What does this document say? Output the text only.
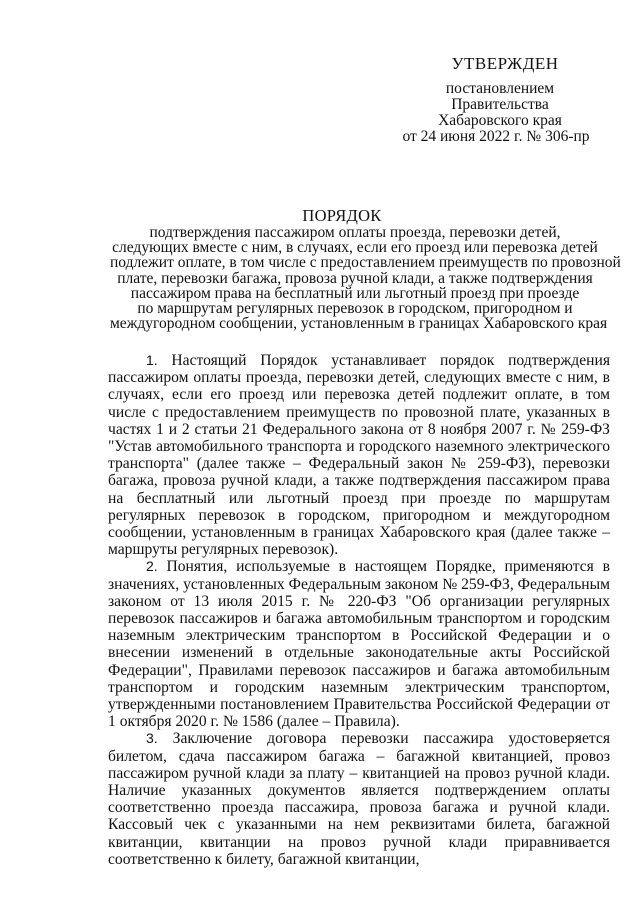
УТВЕРЖДЕН
постановлением
Правительства
Хабаровского края
от 24 июня 2022 г. № 306-пр
ПОРЯДОК
подтверждения пассажиром оплаты проезда, перевозки детей,
следующих вместе с ним, в случаях, если его проезд или перевозка детей
подлежит оплате, в том числе с предоставлением преимуществ по провозной
плате, перевозки багажа, провоза ручной клади, а также подтверждения
пассажиром права на бесплатный или льготный проезд при проезде
по маршрутам регулярных перевозок в городском, пригородном и
междугородном сообщении, установленным в границах Хабаровского края

1. Настоящий Порядок устанавливает порядок подтверждения пассажиром оплаты проезда, перевозки детей, следующих вместе с ним, в случаях, если его проезд или перевозка детей подлежит оплате, в том числе с предоставлением преимуществ по провозной плате, указанных в частях 1 и 2 статьи 21 Федерального закона от 8 ноября 2007 г. № 259-ФЗ "Устав автомобильного транспорта и городского наземного электрического транспорта" (далее также – Федеральный закон № 259-ФЗ), перевозки багажа, провоза ручной клади, а также подтверждения пассажиром права на бесплатный или льготный проезд при проезде по маршрутам регулярных перевозок в городском, пригородном и междугородном сообщении, установленным в границах Хабаровского края (далее также – маршруты регулярных перевозок).

2. Понятия, используемые в настоящем Порядке, применяются в значениях, установленных Федеральным законом № 259-ФЗ, Федеральным законом от 13 июля 2015 г. № 220-ФЗ "Об организации регулярных перевозок пассажиров и багажа автомобильным транспортом и городским наземным электрическим транспортом в Российской Федерации и о внесении изменений в отдельные законодательные акты Российской Федерации", Правилами перевозок пассажиров и багажа автомобильным транспортом и городским наземным электрическим транспортом, утвержденными постановлением Правительства Российской Федерации от 1 октября 2020 г. № 1586 (далее – Правила).

3. Заключение договора перевозки пассажира удостоверяется билетом, сдача пассажиром багажа – багажной квитанцией, провоз пассажиром ручной клади за плату – квитанцией на провоз ручной клади. Наличие указанных документов является подтверждением оплаты соответственно проезда пассажира, провоза багажа и ручной клади. Кассовый чек с указанными на нем реквизитами билета, багажной квитанции, квитанции на провоз ручной клади приравнивается соответственно к билету, багажной квитанции,
